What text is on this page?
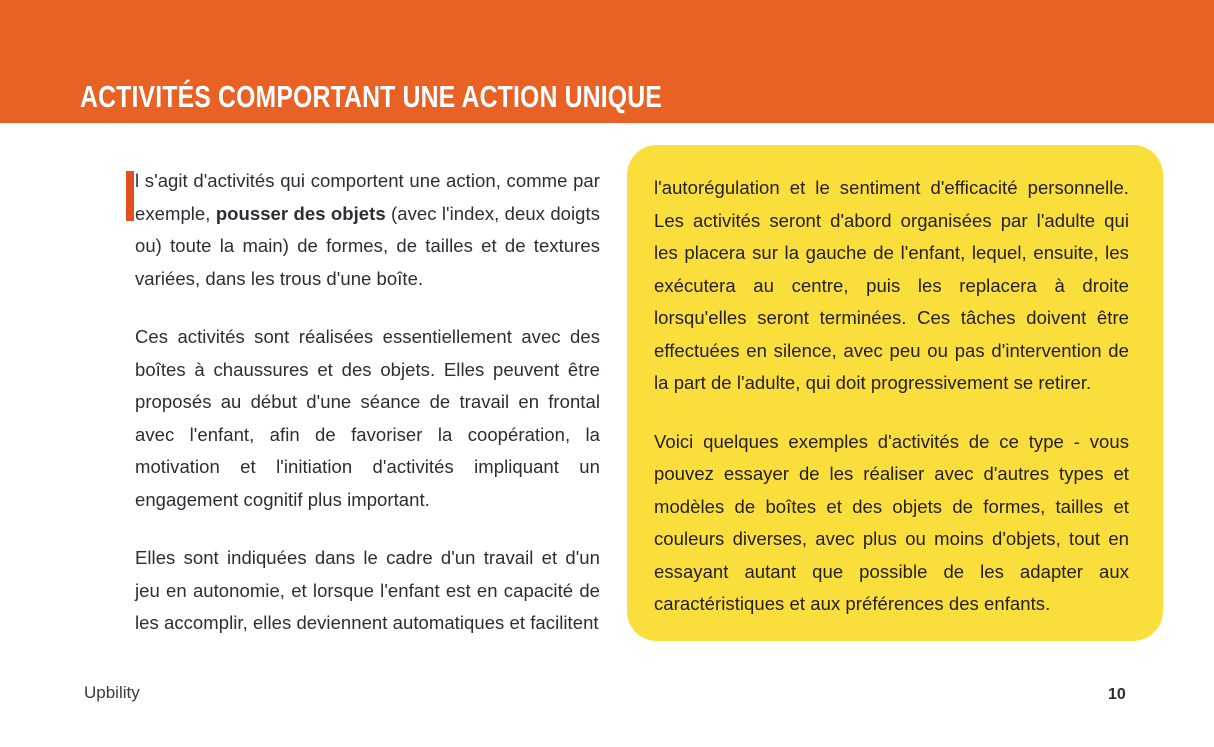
ACTIVITÉS COMPORTANT UNE ACTION UNIQUE

l s'agit d'activités qui comportent une action, comme par exemple, pousser des objets (avec l'index, deux doigts ou) toute la main) de formes, de tailles et de textures variées, dans les trous d'une boîte.

Ces activités sont réalisées essentiellement avec des boîtes à chaussures et des objets. Elles peuvent être proposés au début d'une séance de travail en frontal avec l'enfant, afin de favoriser la coopération, la motivation et l'initiation d'activités impliquant un engagement cognitif plus important.

Elles sont indiquées dans le cadre d'un travail et d'un jeu en autonomie, et lorsque l'enfant est en capacité de les accomplir, elles deviennent automatiques et facilitent

l'autorégulation et le sentiment d'efficacité personnelle. Les activités seront d'abord organisées par l'adulte qui les placera sur la gauche de l'enfant, lequel, ensuite, les exécutera au centre, puis les replacera à droite lorsqu'elles seront terminées. Ces tâches doivent être effectuées en silence, avec peu ou pas d'intervention de la part de l'adulte, qui doit progressivement se retirer.

Voici quelques exemples d'activités de ce type - vous pouvez essayer de les réaliser avec d'autres types et modèles de boîtes et des objets de formes, tailles et couleurs diverses, avec plus ou moins d'objets, tout en essayant autant que possible de les adapter aux caractéristiques et aux préférences des enfants.

Upbility	10
